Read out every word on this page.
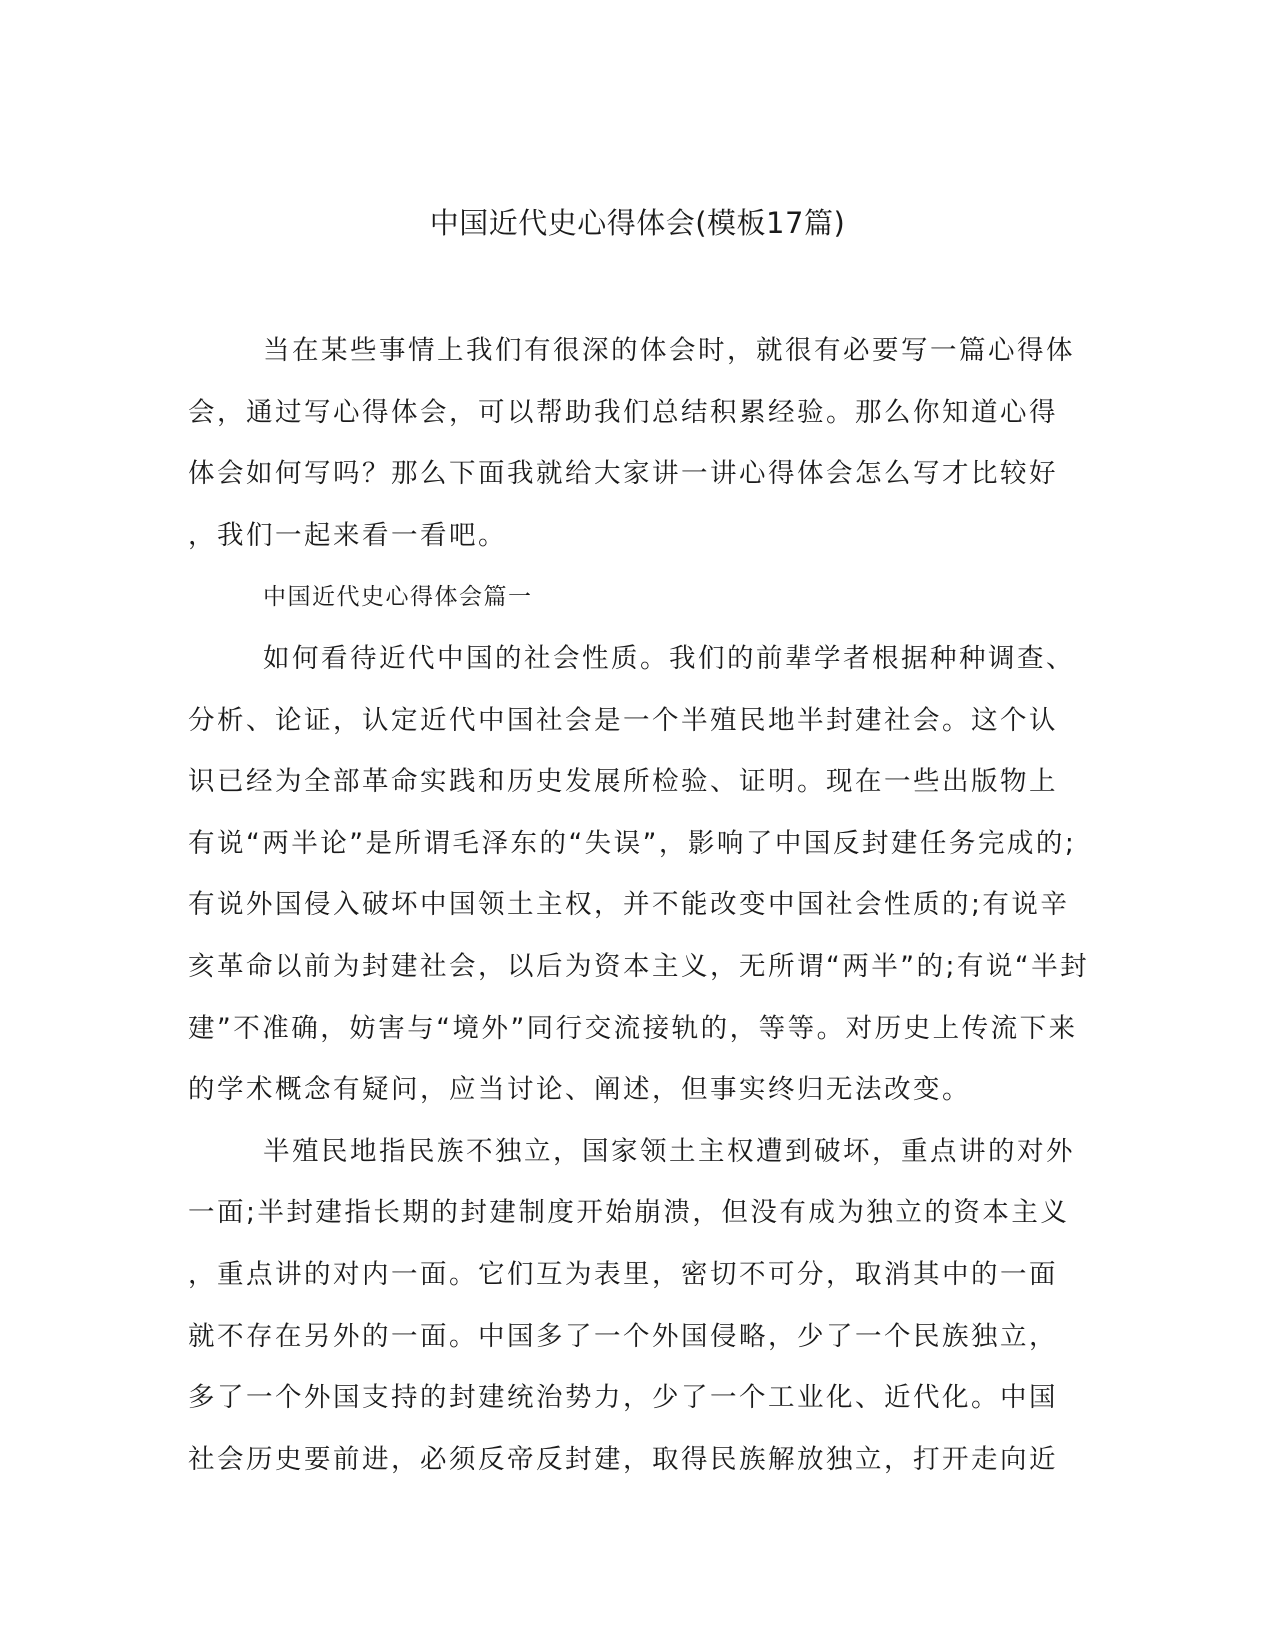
中国近代史心得体会(模板17篇)
当在某些事情上我们有很深的体会时，就很有必要写一篇心得体
会，通过写心得体会，可以帮助我们总结积累经验。那么你知道心得
体会如何写吗？那么下面我就给大家讲一讲心得体会怎么写才比较好
，我们一起来看一看吧。
中国近代史心得体会篇一
如何看待近代中国的社会性质。我们的前辈学者根据种种调查、
分析、论证，认定近代中国社会是一个半殖民地半封建社会。这个认
识已经为全部革命实践和历史发展所检验、证明。现在一些出版物上
有说“两半论”是所谓毛泽东的“失误”，影响了中国反封建任务完成的;
有说外国侵入破坏中国领土主权，并不能改变中国社会性质的;有说辛
亥革命以前为封建社会，以后为资本主义，无所谓“两半”的;有说“半封
建”不准确，妨害与“境外”同行交流接轨的，等等。对历史上传流下来
的学术概念有疑问，应当讨论、阐述，但事实终归无法改变。
半殖民地指民族不独立，国家领土主权遭到破坏，重点讲的对外
一面;半封建指长期的封建制度开始崩溃，但没有成为独立的资本主义
，重点讲的对内一面。它们互为表里，密切不可分，取消其中的一面
就不存在另外的一面。中国多了一个外国侵略，少了一个民族独立，
多了一个外国支持的封建统治势力，少了一个工业化、近代化。中国
社会历史要前进，必须反帝反封建，取得民族解放独立，打开走向近
